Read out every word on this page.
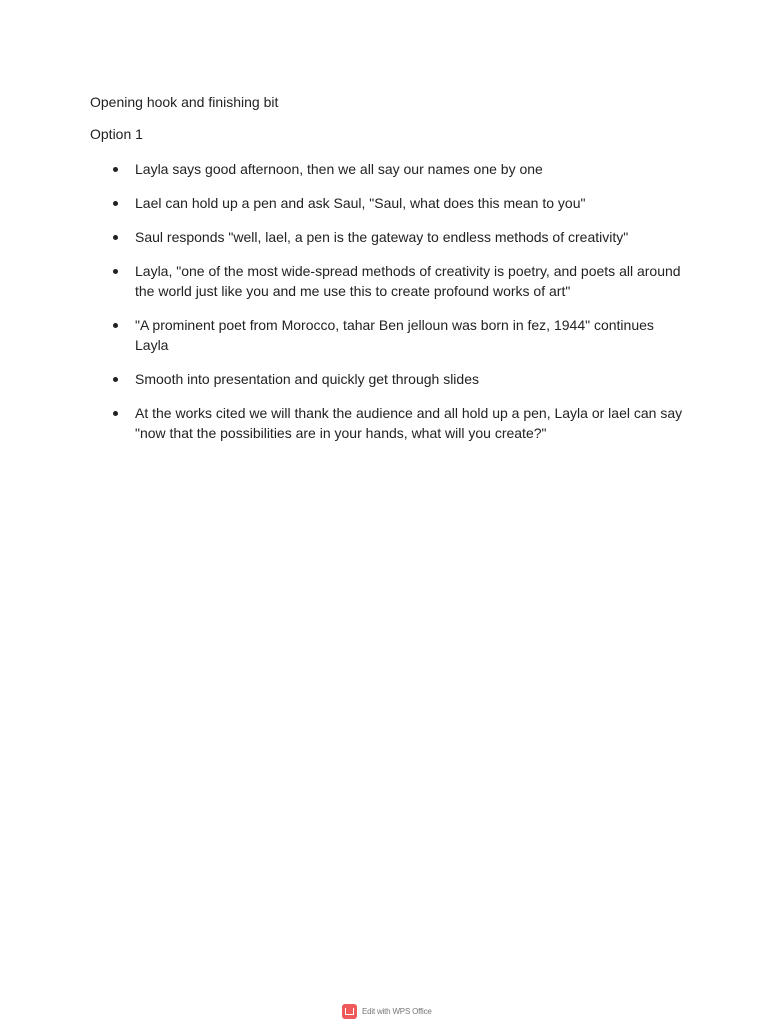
Opening hook and finishing bit

Option 1

Layla says good afternoon, then we all say our names one by one
Lael can hold up a pen and ask Saul, "Saul, what does this mean to you"
Saul responds "well, lael, a pen is the gateway to endless methods of creativity"
Layla, "one of the most wide-spread methods of creativity is poetry, and poets all around the world just like you and me use this to create profound works of art"
"A prominent poet from Morocco, tahar Ben jelloun was born in fez, 1944" continues Layla
Smooth into presentation and quickly get through slides
At the works cited we will thank the audience and all hold up a pen, Layla or lael can say "now that the possibilities are in your hands, what will you create?"
Edit with WPS Office
